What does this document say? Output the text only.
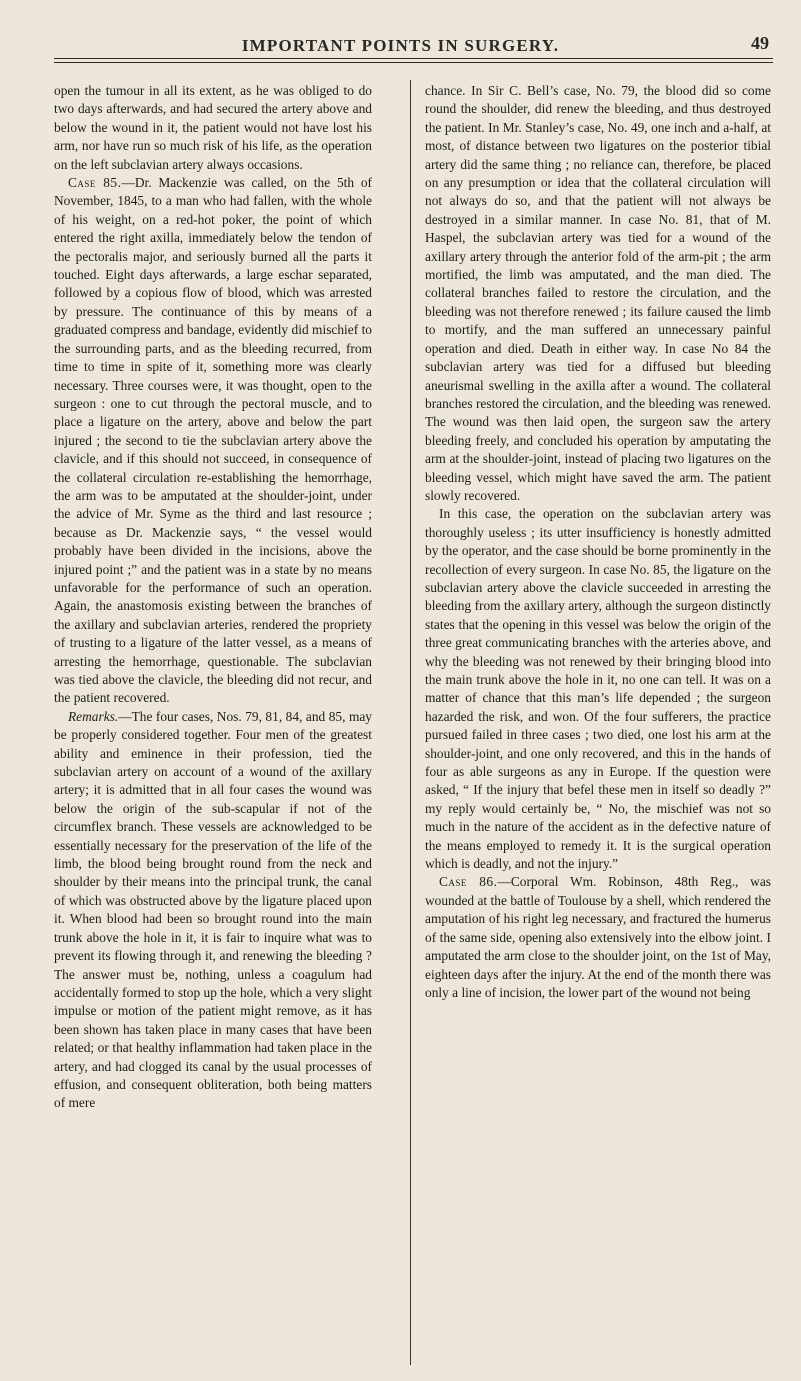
IMPORTANT POINTS IN SURGERY.	49

open the tumour in all its extent, as he was obliged to do two days afterwards, and had secured the artery above and below the wound in it, the patient would not have lost his arm, nor have run so much risk of his life, as the operation on the left subclavian artery always occasions.

Case 85.—Dr. Mackenzie was called, on the 5th of November, 1845, to a man who had fallen, with the whole of his weight, on a red-hot poker, the point of which entered the right axilla, immediately below the tendon of the pectoralis major, and seriously burned all the parts it touched. Eight days afterwards, a large eschar separated, followed by a copious flow of blood, which was arrested by pressure. The continuance of this by means of a graduated compress and bandage, evidently did mischief to the surrounding parts, and as the bleeding recurred, from time to time in spite of it, something more was clearly necessary. Three courses were, it was thought, open to the surgeon : one to cut through the pectoral muscle, and to place a ligature on the artery, above and below the part injured ; the second to tie the subclavian artery above the clavicle, and if this should not succeed, in consequence of the collateral circulation re-establishing the hemorrhage, the arm was to be amputated at the shoulder-joint, under the advice of Mr. Syme as the third and last resource ; because as Dr. Mackenzie says, “ the vessel would probably have been divided in the incisions, above the injured point ;” and the patient was in a state by no means unfavorable for the performance of such an operation. Again, the anastomosis existing between the branches of the axillary and subclavian arteries, rendered the propriety of trusting to a ligature of the latter vessel, as a means of arresting the hemorrhage, questionable. The subclavian was tied above the clavicle, the bleeding did not recur, and the patient recovered.

Remarks.—The four cases, Nos. 79, 81, 84, and 85, may be properly considered together. Four men of the greatest ability and eminence in their profession, tied the subclavian artery on account of a wound of the axillary artery; it is admitted that in all four cases the wound was below the origin of the sub-scapular if not of the circumflex branch. These vessels are acknowledged to be essentially necessary for the preservation of the life of the limb, the blood being brought round from the neck and shoulder by their means into the principal trunk, the canal of which was obstructed above by the ligature placed upon it. When blood had been so brought round into the main trunk above the hole in it, it is fair to inquire what was to prevent its flowing through it, and renewing the bleeding ? The answer must be, nothing, unless a coagulum had accidentally formed to stop up the hole, which a very slight impulse or motion of the patient might remove, as it has been shown has taken place in many cases that have been related; or that healthy inflammation had taken place in the artery, and had clogged its canal by the usual processes of effusion, and consequent obliteration, both being matters of mere

chance. In Sir C. Bell’s case, No. 79, the blood did so come round the shoulder, did renew the bleeding, and thus destroyed the patient. In Mr. Stanley’s case, No. 49, one inch and a-half, at most, of distance between two ligatures on the posterior tibial artery did the same thing ; no reliance can, therefore, be placed on any presumption or idea that the collateral circulation will not always do so, and that the patient will not always be destroyed in a similar manner. In case No. 81, that of M. Haspel, the subclavian artery was tied for a wound of the axillary artery through the anterior fold of the arm-pit ; the arm mortified, the limb was amputated, and the man died. The collateral branches failed to restore the circulation, and the bleeding was not therefore renewed ; its failure caused the limb to mortify, and the man suffered an unnecessary painful operation and died. Death in either way. In case No 84 the subclavian artery was tied for a diffused but bleeding aneurismal swelling in the axilla after a wound. The collateral branches restored the circulation, and the bleeding was renewed. The wound was then laid open, the surgeon saw the artery bleeding freely, and concluded his operation by amputating the arm at the shoulder-joint, instead of placing two ligatures on the bleeding vessel, which might have saved the arm. The patient slowly recovered.

In this case, the operation on the subclavian artery was thoroughly useless ; its utter insufficiency is honestly admitted by the operator, and the case should be borne prominently in the recollection of every surgeon. In case No. 85, the ligature on the subclavian artery above the clavicle succeeded in arresting the bleeding from the axillary artery, although the surgeon distinctly states that the opening in this vessel was below the origin of the three great communicating branches with the arteries above, and why the bleeding was not renewed by their bringing blood into the main trunk above the hole in it, no one can tell. It was on a matter of chance that this man’s life depended ; the surgeon hazarded the risk, and won. Of the four sufferers, the practice pursued failed in three cases ; two died, one lost his arm at the shoulder-joint, and one only recovered, and this in the hands of four as able surgeons as any in Europe. If the question were asked, “ If the injury that befel these men in itself so deadly ?” my reply would certainly be, “ No, the mischief was not so much in the nature of the accident as in the defective nature of the means employed to remedy it. It is the surgical operation which is deadly, and not the injury.”

Case 86.—Corporal Wm. Robinson, 48th Reg., was wounded at the battle of Toulouse by a shell, which rendered the amputation of his right leg necessary, and fractured the humerus of the same side, opening also extensively into the elbow joint. I amputated the arm close to the shoulder joint, on the 1st of May, eighteen days after the injury. At the end of the month there was only a line of incision, the lower part of the wound not being
